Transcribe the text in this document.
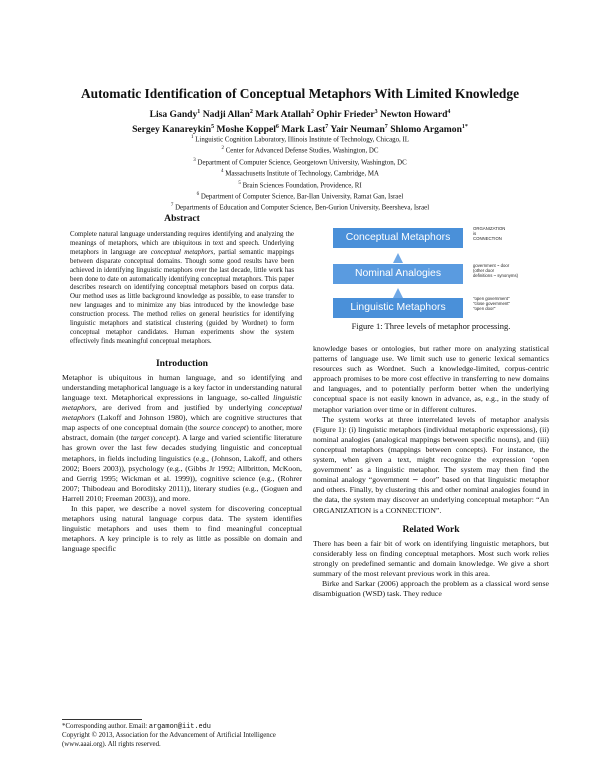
Automatic Identification of Conceptual Metaphors With Limited Knowledge
Lisa Gandy$^1$ Nadji Allan$^2$ Mark Atallah$^2$ Ophir Frieder$^3$ Newton Howard$^4$
Sergey Kanareykin$^5$ Moshe Koppel$^6$ Mark Last$^7$ Yair Neuman$^7$ Shlomo Argamon$^{1*}$
$^1$ Linguistic Cognition Laboratory, Illinois Institute of Technology, Chicago, IL
$^2$ Center for Advanced Defense Studies, Washington, DC
$^3$ Department of Computer Science, Georgetown University, Washington, DC
$^4$ Massachusetts Institute of Technology, Cambridge, MA
$^5$ Brain Sciences Foundation, Providence, RI
$^6$ Department of Computer Science, Bar-Ilan University, Ramat Gan, Israel
$^7$ Departments of Education and Computer Science, Ben-Gurion University, Beersheva, Israel
Abstract
Complete natural language understanding requires identifying and analyzing the meanings of metaphors, which are ubiquitous in text and speech. Underlying metaphors in language are conceptual metaphors, partial semantic mappings between disparate conceptual domains. Though some good results have been achieved in identifying linguistic metaphors over the last decade, little work has been done to date on automatically identifying conceptual metaphors. This paper describes research on identifying conceptual metaphors based on corpus data. Our method uses as little background knowledge as possible, to ease transfer to new languages and to minimize any bias introduced by the knowledge base construction process. The method relies on general heuristics for identifying linguistic metaphors and statistical clustering (guided by Wordnet) to form conceptual metaphor candidates. Human experiments show the system effectively finds meaningful conceptual metaphors.
Introduction

Metaphor is ubiquitous in human language, and so identifying and understanding metaphorical language is a key factor in understanding natural language text. Metaphorical expressions in language, so-called linguistic metaphors, are derived from and justified by underlying conceptual metaphors (Lakoff and Johnson 1980), which are cognitive structures that map aspects of one conceptual domain (the source concept) to another, more abstract, domain (the target concept). A large and varied scientific literature has grown over the last few decades studying linguistic and conceptual metaphors, in fields including linguistics (e.g., (Johnson, Lakoff, and others 2002; Boers 2003)), psychology (e.g., (Gibbs Jr 1992; Allbritton, McKoon, and Gerrig 1995; Wickman et al. 1999)), cognitive science (e.g., (Rohrer 2007; Thibodeau and Boroditsky 2011)), literary studies (e.g., (Goguen and Harrell 2010; Freeman 2003)), and more.

In this paper, we describe a novel system for discovering conceptual metaphors using natural language corpus data. The system identifies linguistic metaphors and uses them to find meaningful conceptual metaphors. A key principle is to rely as little as possible on domain and language specific

*Corresponding author. Email: argamon@iit.edu

Copyright © 2013, Association for the Advancement of Artificial Intelligence (www.aaai.org). All rights reserved.

Conceptual Metaphors
Nominal Analogies
Linguistic Metaphors
ORGANIZATION
is
CONNECTION
government ~ door
(other door
definitions ~ synonyms)
"open government"
"close government"
"open door"
Figure 1: Three levels of metaphor processing.

knowledge bases or ontologies, but rather more on analyzing statistical patterns of language use. We limit such use to generic lexical semantics resources such as Wordnet. Such a knowledge-limited, corpus-centric approach promises to be more cost effective in transferring to new domains and languages, and to potentially perform better when the underlying conceptual space is not easily known in advance, as, e.g., in the study of metaphor variation over time or in different cultures.

The system works at three interrelated levels of metaphor analysis (Figure 1): (i) linguistic metaphors (individual metaphoric expressions), (ii) nominal analogies (analogical mappings between specific nouns), and (iii) conceptual metaphors (mappings between concepts). For instance, the system, when given a text, might recognize the expression ‘open government’ as a linguistic metaphor. The system may then find the nominal analogy “government ∼ door” based on that linguistic metaphor and others. Finally, by clustering this and other nominal analogies found in the data, the system may discover an underlying conceptual metaphor: “An ORGANIZATION is a CONNECTION”.

Related Work

There has been a fair bit of work on identifying linguistic metaphors, but considerably less on finding conceptual metaphors. Most such work relies strongly on predefined semantic and domain knowledge. We give a short summary of the most relevant previous work in this area.

Birke and Sarkar (2006) approach the problem as a classical word sense disambiguation (WSD) task. They reduce
